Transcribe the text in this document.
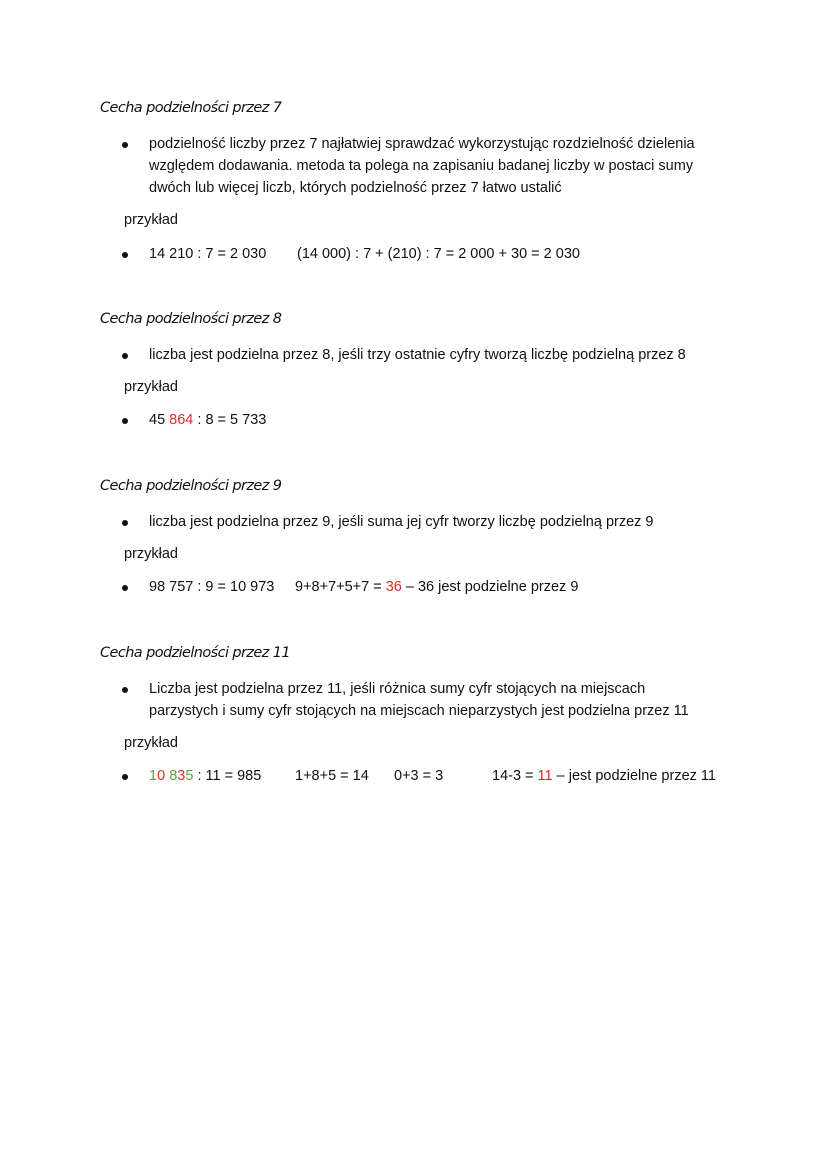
Cecha podzielności przez 7
podzielność liczby przez 7 najłatwiej sprawdzać wykorzystując rozdzielność dzielenia
względem dodawania. metoda ta polega na zapisaniu badanej liczby w postaci sumy
dwóch lub więcej liczb, których podzielność przez 7 łatwo ustalić
przykład
14 210 : 7 = 2 030 (14 000) : 7 + (210) : 7 = 2 000 + 30 = 2 030
Cecha podzielności przez 8
liczba jest podzielna przez 8, jeśli trzy ostatnie cyfry tworzą liczbę podzielną przez 8
przykład
45 864 : 8 = 5 733
Cecha podzielności przez 9
liczba jest podzielna przez 9, jeśli suma jej cyfr tworzy liczbę podzielną przez 9
przykład
98 757 : 9 = 10 973 9+8+7+5+7 = 36 – 36 jest podzielne przez 9
Cecha podzielności przez 11
Liczba jest podzielna przez 11, jeśli różnica sumy cyfr stojących na miejscach
parzystych i sumy cyfr stojących na miejscach nieparzystych jest podzielna przez 11
przykład
10 835 : 11 = 985 1+8+5 = 14 0+3 = 3	14-3 = 11 – jest podzielne przez 11
